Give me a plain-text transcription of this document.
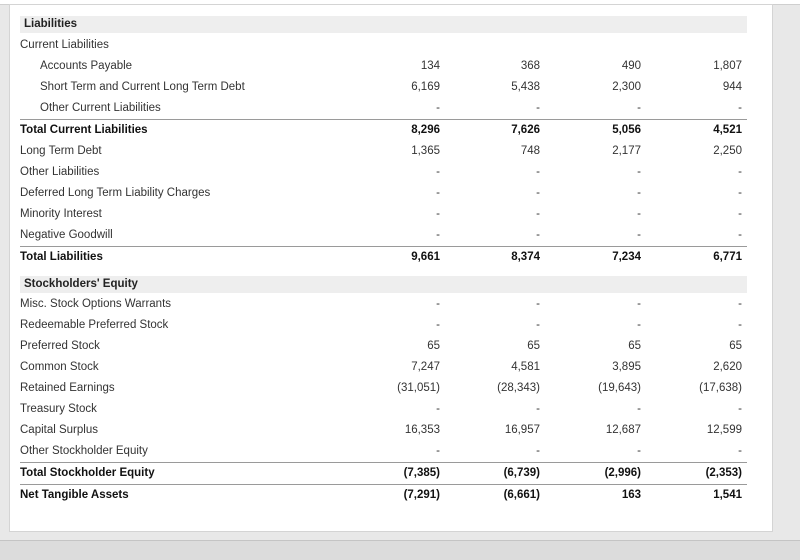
Liabilities
Current Liabilities
Accounts Payable	134	368	490	1,807
Short Term and Current Long Term Debt	6,169	5,438	2,300	944
Other Current Liabilities	-	-	-	-
Total Current Liabilities	8,296	7,626	5,056	4,521
Long Term Debt	1,365	748	2,177	2,250
Other Liabilities	-	-	-	-
Deferred Long Term Liability Charges	-	-	-	-
Minority Interest	-	-	-	-
Negative Goodwill	-	-	-	-
Total Liabilities	9,661	8,374	7,234	6,771
Stockholders' Equity
Misc. Stock Options Warrants	-	-	-	-
Redeemable Preferred Stock	-	-	-	-
Preferred Stock	65	65	65	65
Common Stock	7,247	4,581	3,895	2,620
Retained Earnings	(31,051)	(28,343)	(19,643)	(17,638)
Treasury Stock	-	-	-	-
Capital Surplus	16,353	16,957	12,687	12,599
Other Stockholder Equity	-	-	-	-
Total Stockholder Equity	(7,385)	(6,739)	(2,996)	(2,353)
Net Tangible Assets	(7,291)	(6,661)	163	1,541
